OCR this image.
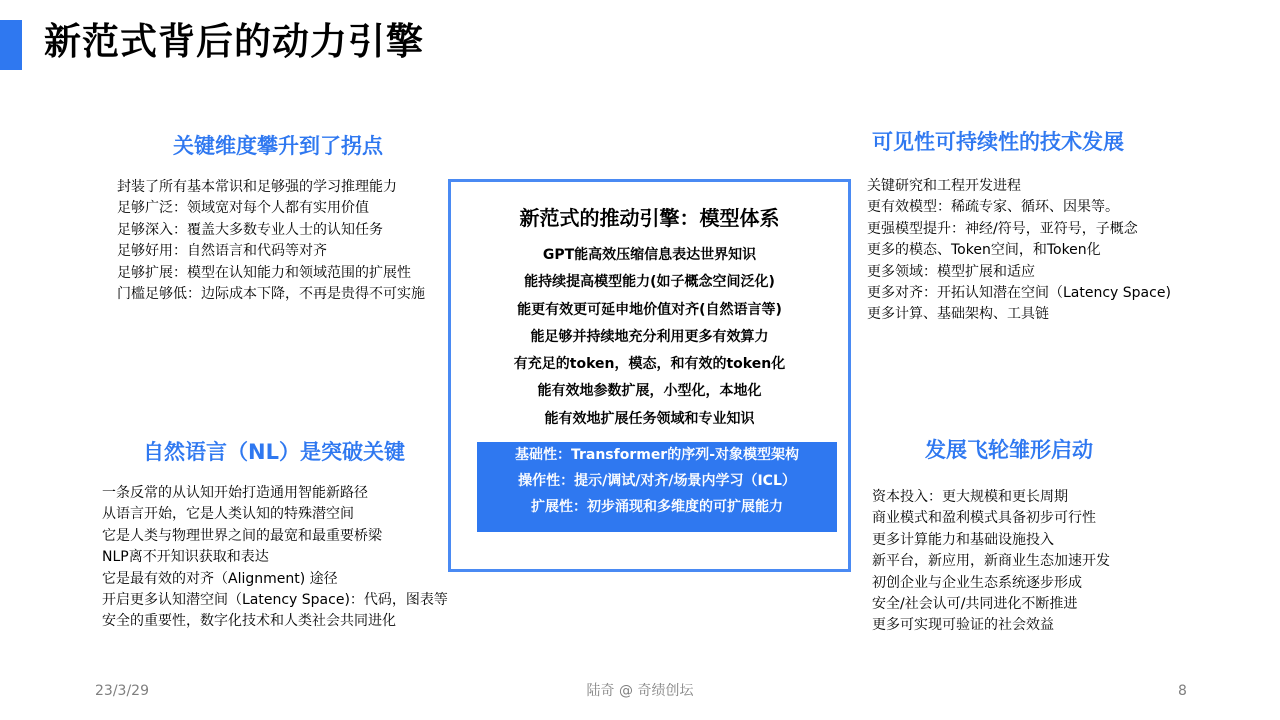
新范式背后的动力引擎
关键维度攀升到了拐点
封装了所有基本常识和足够强的学习推理能力
足够广泛：领域宽对每个人都有实用价值
足够深入：覆盖大多数专业人士的认知任务
足够好用：自然语言和代码等对齐
足够扩展：模型在认知能力和领域范围的扩展性
门槛足够低：边际成本下降，不再是贵得不可实施
可见性可持续性的技术发展
关键研究和工程开发进程
更有效模型：稀疏专家、循环、因果等。
更强模型提升：神经/符号，亚符号，子概念
更多的模态、Token空间，和Token化
更多领域：模型扩展和适应
更多对齐：开拓认知潜在空间（Latency Space)
更多计算、基础架构、工具链
新范式的推动引擎：模型体系
GPT能高效压缩信息表达世界知识
能持续提高模型能力(如子概念空间泛化)
能更有效更可延申地价值对齐(自然语言等)
能足够并持续地充分利用更多有效算力
有充足的token，模态，和有效的token化
能有效地参数扩展，小型化，本地化
能有效地扩展任务领域和专业知识
基础性：Transformer的序列-对象模型架构
操作性：提示/调试/对齐/场景内学习（ICL）
扩展性：初步涌现和多维度的可扩展能力
自然语言（NL）是突破关键
一条反常的从认知开始打造通用智能新路径
从语言开始，它是人类认知的特殊潜空间
它是人类与物理世界之间的最宽和最重要桥梁
NLP离不开知识获取和表达
它是最有效的对齐（Alignment) 途径
开启更多认知潜空间（Latency Space)：代码，图表等
安全的重要性，数字化技术和人类社会共同进化
发展飞轮雏形启动
资本投入：更大规模和更长周期
商业模式和盈利模式具备初步可行性
更多计算能力和基础设施投入
新平台，新应用，新商业生态加速开发
初创企业与企业生态系统逐步形成
安全/社会认可/共同进化不断推进
更多可实现可验证的社会效益
23/3/29	陆奇 @ 奇绩创坛	8
